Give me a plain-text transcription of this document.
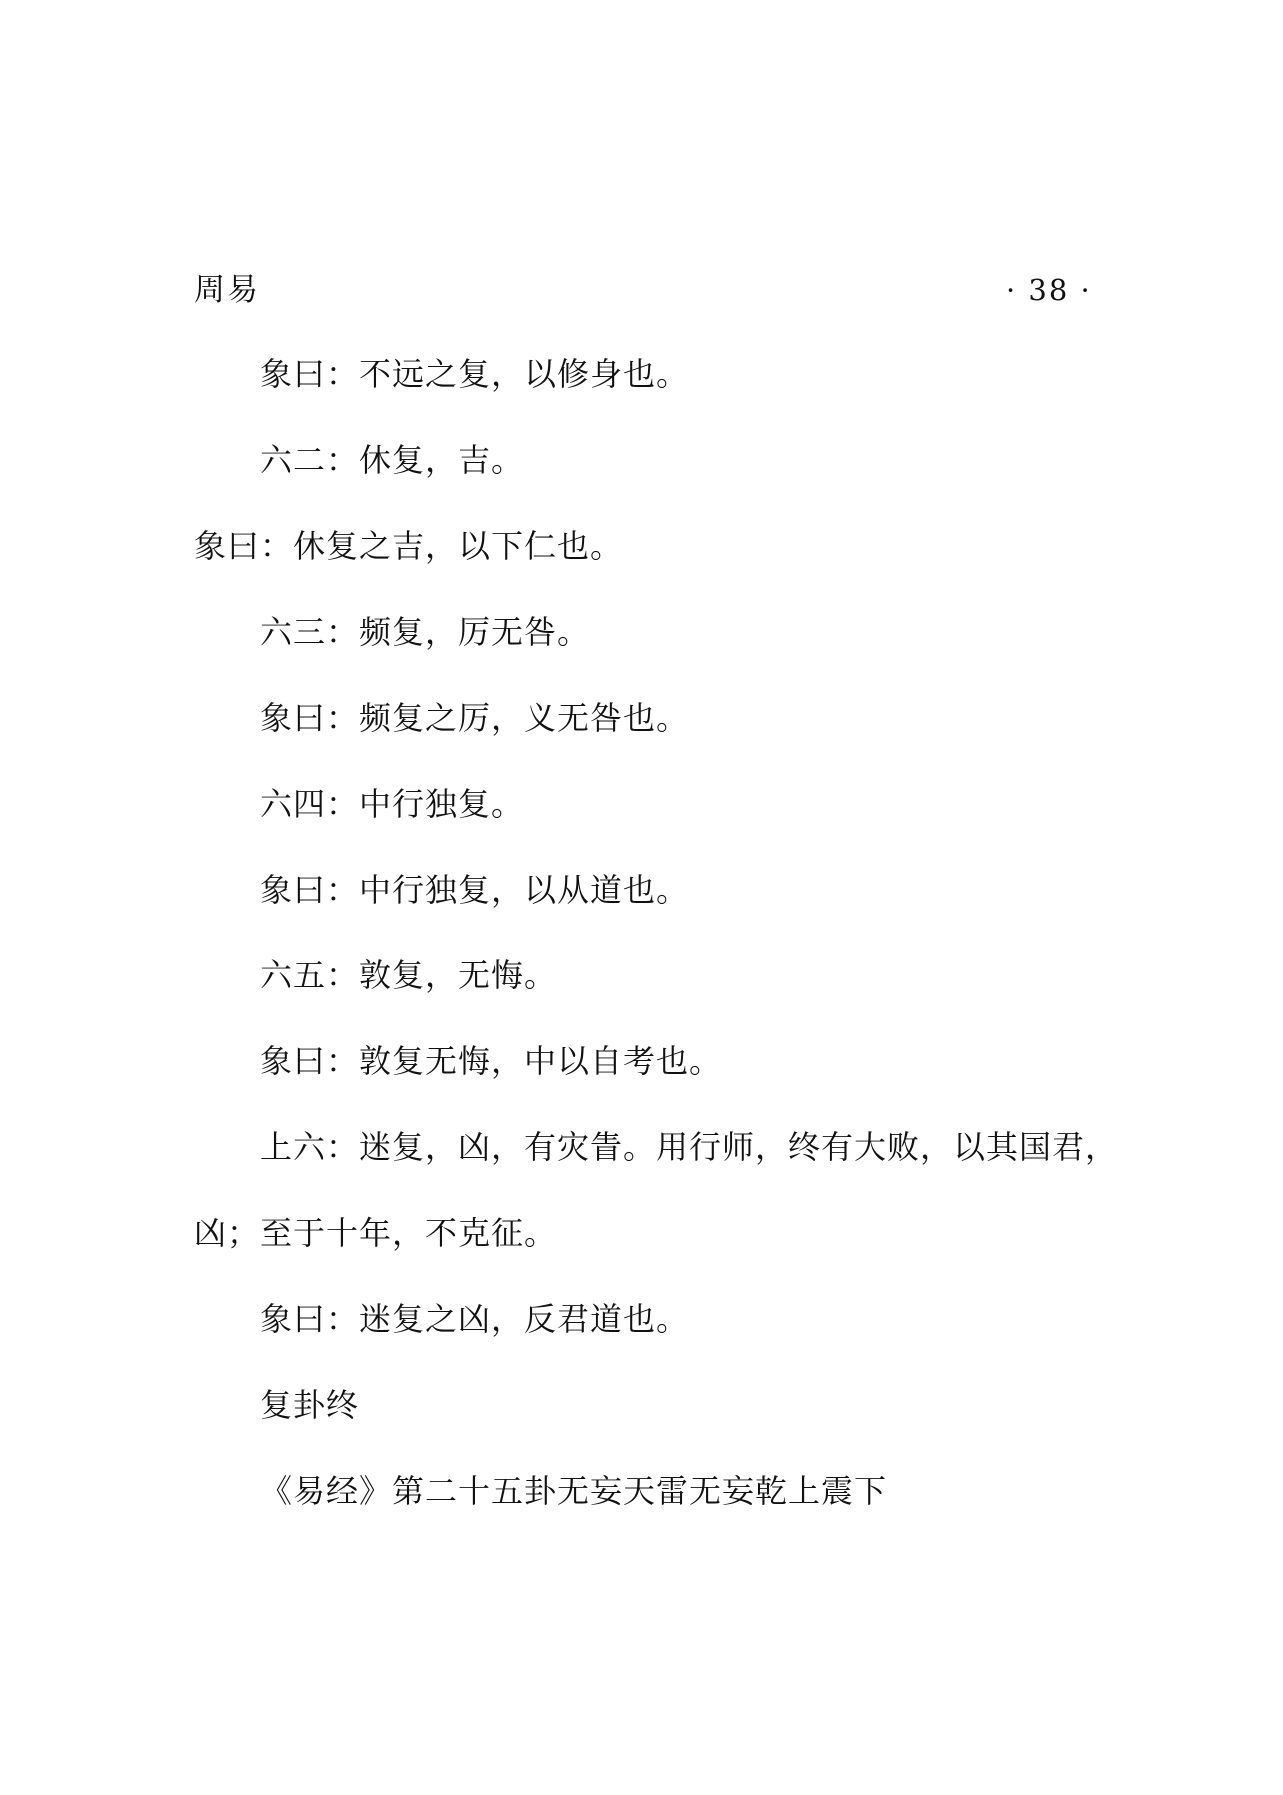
周易	· 38 ·
象曰：不远之复，以修身也。
六二：休复，吉。
象曰：休复之吉，以下仁也。
六三：频复，厉无咎。
象曰：频复之厉，义无咎也。
六四：中行独复。
象曰：中行独复，以从道也。
六五：敦复，无悔。
象曰：敦复无悔，中以自考也。
上六：迷复，凶，有灾眚。用行师，终有大败，以其国君，
凶；至于十年，不克征。
象曰：迷复之凶，反君道也。
复卦终
《易经》第二十五卦无妄天雷无妄乾上震下
